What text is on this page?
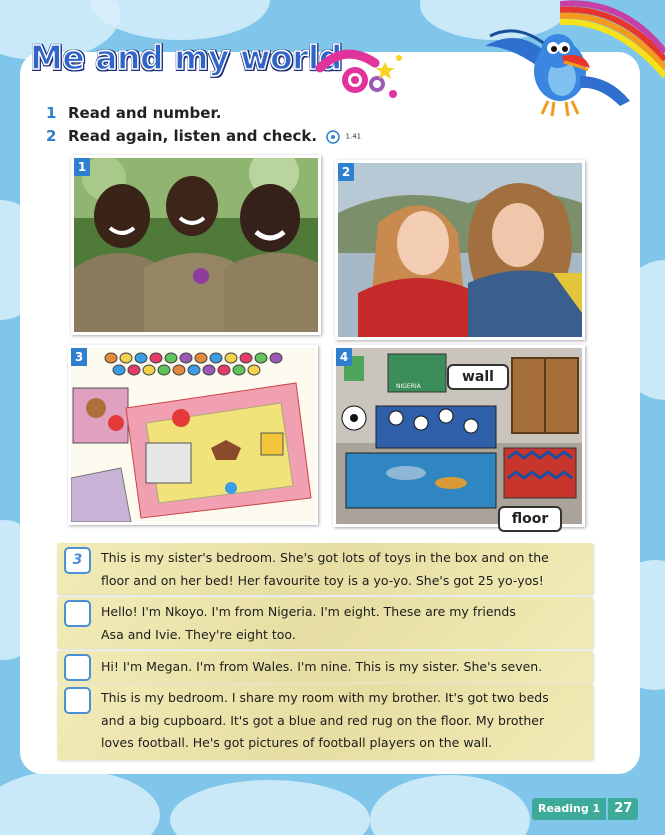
Me and my world
1 Read and number.
2 Read again, listen and check.	1.41
1	2
3	4
NIGERIA
wall
floor
3	This is my sister's bedroom. She's got lots of toys in the box and on the
floor and on her bed! Her favourite toy is a yo-yo. She's got 25 yo-yos!
Hello! I'm Nkoyo. I'm from Nigeria. I'm eight. These are my friends
Asa and Ivie. They're eight too.
Hi! I'm Megan. I'm from Wales. I'm nine. This is my sister. She's seven.
This is my bedroom. I share my room with my brother. It's got two beds
and a big cupboard. It's got a blue and red rug on the floor. My brother
loves football. He's got pictures of football players on the wall.
Reading 1	27
